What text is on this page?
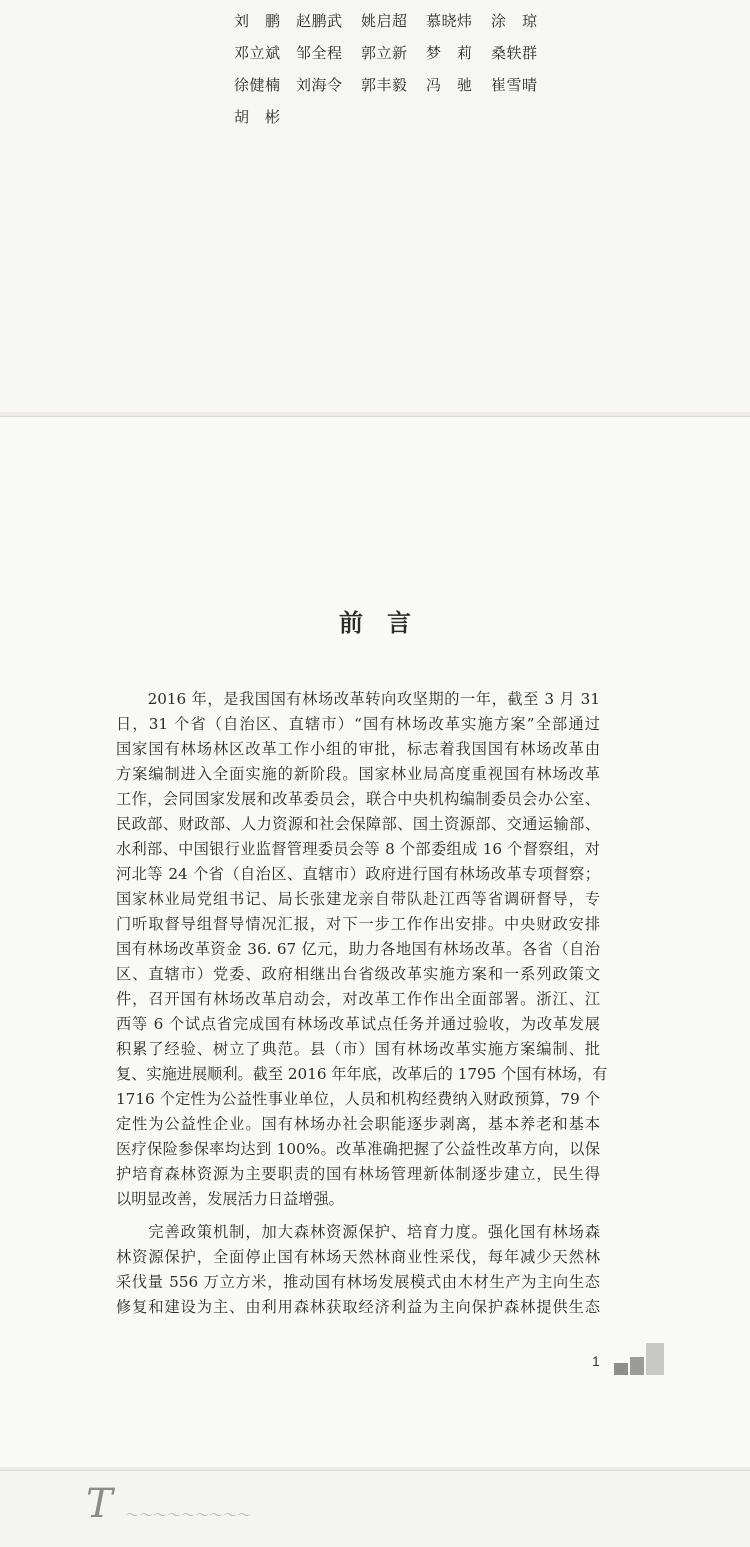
刘　鹏	赵鹏武	姚启超	慕晓炜	涂　琼
邓立斌	邹全程	郭立新	梦　莉	桑轶群
徐健楠	刘海令	郭丰毅	冯　驰	崔雪晴
胡　彬
前　言
　　2016 年，是我国国有林场改革转向攻坚期的一年，截至 3 月 31
日，31 个省（自治区、直辖市）“国有林场改革实施方案”全部通过
国家国有林场林区改革工作小组的审批，标志着我国国有林场改革由
方案编制进入全面实施的新阶段。国家林业局高度重视国有林场改革
工作，会同国家发展和改革委员会，联合中央机构编制委员会办公室、
民政部、财政部、人力资源和社会保障部、国土资源部、交通运输部、
水利部、中国银行业监督管理委员会等 8 个部委组成 16 个督察组，对
河北等 24 个省（自治区、直辖市）政府进行国有林场改革专项督察；
国家林业局党组书记、局长张建龙亲自带队赴江西等省调研督导，专
门听取督导组督导情况汇报，对下一步工作作出安排。中央财政安排
国有林场改革资金 36. 67 亿元，助力各地国有林场改革。各省（自治
区、直辖市）党委、政府相继出台省级改革实施方案和一系列政策文
件，召开国有林场改革启动会，对改革工作作出全面部署。浙江、江
西等 6 个试点省完成国有林场改革试点任务并通过验收，为改革发展
积累了经验、树立了典范。县（市）国有林场改革实施方案编制、批
复、实施进展顺利。截至 2016 年年底，改革后的 1795 个国有林场，有
1716 个定性为公益性事业单位，人员和机构经费纳入财政预算，79 个
定性为公益性企业。国有林场办社会职能逐步剥离，基本养老和基本
医疗保险参保率均达到 100%。改革准确把握了公益性改革方向，以保
护培育森林资源为主要职责的国有林场管理新体制逐步建立，民生得
以明显改善，发展活力日益增强。
　　完善政策机制，加大森林资源保护、培育力度。强化国有林场森
林资源保护，全面停止国有林场天然林商业性采伐，每年减少天然林
采伐量 556 万立方米，推动国有林场发展模式由木材生产为主向生态
修复和建设为主、由利用森林获取经济利益为主向保护森林提供生态
1
T ～～～～～～～～～
